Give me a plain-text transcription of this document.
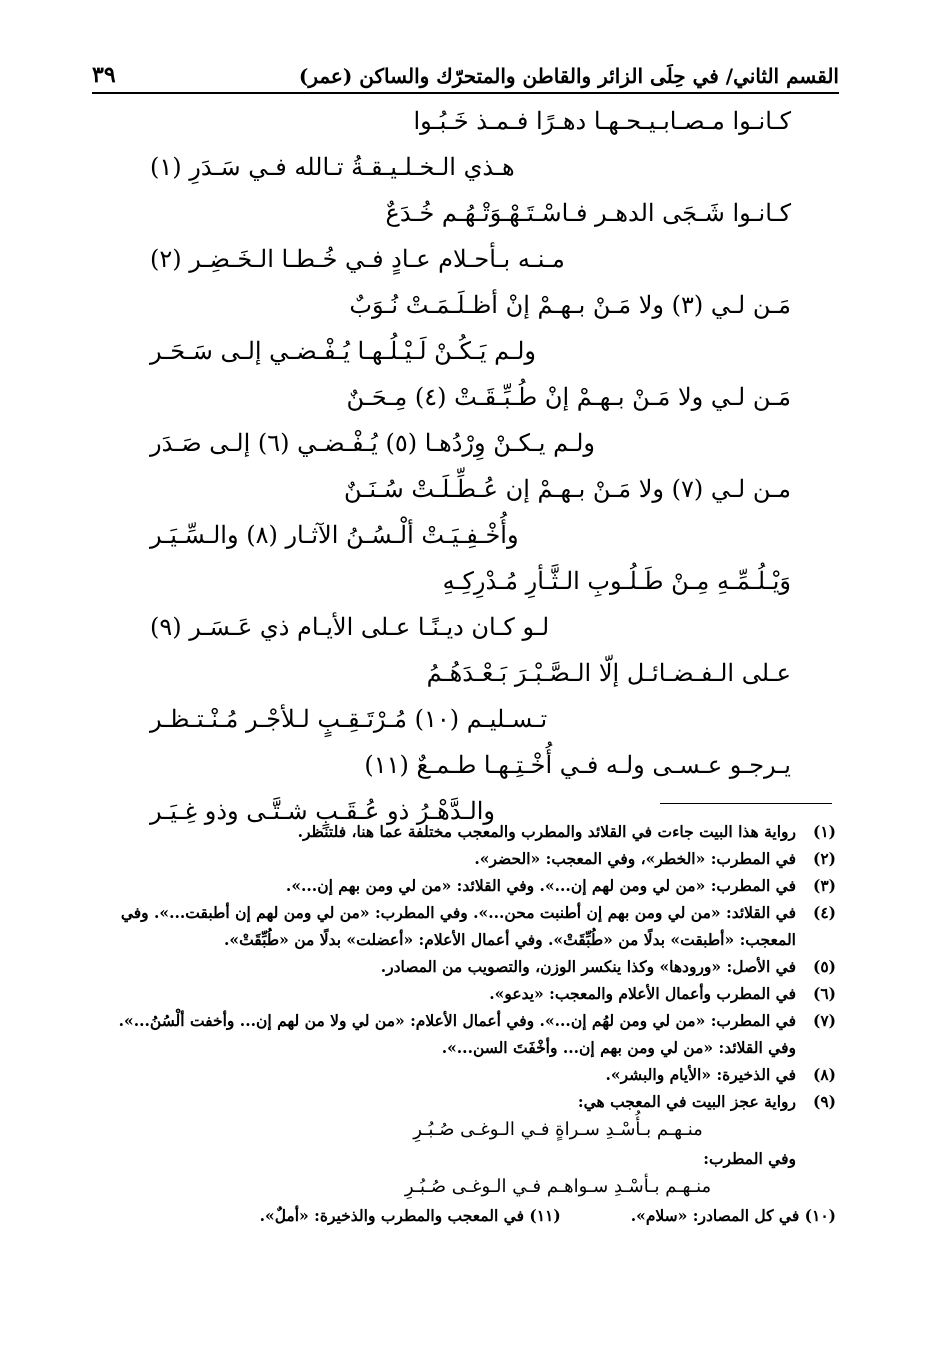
القسم الثاني/ في حِلَى الزائر والقاطن والمتحرّك والساكن (عمر)
٣٩
كـانـوا مـصـابـيـحـهـا دهـرًا فـمـذ خَـبُـوا
هـذي الـخـلـيـقـةُ تـالله فـي سَـدَرِ (١)
كـانـوا شَـجَى الدهـر فـاسْـتَـهْـوَتْـهُـم خُـدَعٌ
مـنـه بـأحـلام عـادٍ فـي خُـطـا الـخَـضِـر (٢)
مَـن لـي (٣) ولا مَـنْ بـهـمْ إنْ أظـلَـمَـتْ نُـوَبٌ
ولـم يَـكُـنْ لَـيْـلُـهـا يُـفْـضـي إلـى سَـحَـر
مَـن لـي ولا مَـنْ بـهـمْ إنْ طُـبِّـقَـتْ (٤) مِـحَـنٌ
ولـم يـكـنْ وِرْدُهـا (٥) يُـفْـضـي (٦) إلـى صَـدَر
مـن لـي (٧) ولا مَـنْ بـهـمْ إن عُـطِّـلَـتْ سُـنَـنٌ
وأُخْـفِـيَـتْ ألْـسُـنُ الآثـار (٨) والـسِّـيَـر
وَيْـلُـمِّـهِ مِـنْ طَـلُـوبِ الـثَّـأرِ مُـدْرِكِـهِ
لـو كـان ديـنًـا عـلى الأيـام ذي عَـسَـر (٩)
عـلى الـفـضـائـل إلّا الـصَّـبْـرَ بَـعْـدَهُـمُ
تـسـليـم (١٠) مُـرْتَـقِـبٍ لـلأجْـر مُـنْـتـظـر
يـرجـو عـسـى ولـه فـي أُخْـتِـهـا طـمـعٌ (١١)
والـدَّهْـرُ ذو عُـقَـبٍ شـتَّـى وذو غِـيَـر
(١)
رواية هذا البيت جاءت في القلائد والمطرب والمعجب مختلفة عما هنا، فلتنظر.
(٢)
في المطرب: «الخطر»، وفي المعجب: «الحضر».
(٣)
في المطرب: «من لي ومن لهم إن...». وفي القلائد: «من لي ومن بهم إن...».
(٤)
في القلائد: «من لي ومن بهم إن أطنبت محن...». وفي المطرب: «من لي ومن لهم إن أطبقت...». وفي المعجب: «أطبقت» بدلًا من «طُبِّقَتْ». وفي أعمال الأعلام: «أعضلت» بدلًا من «طُبِّقَتْ».
(٥)
في الأصل: «ورودها» وكذا ينكسر الوزن، والتصويب من المصادر.
(٦)
في المطرب وأعمال الأعلام والمعجب: «يدعو».
(٧)
في المطرب: «من لي ومن لهُم إن...». وفي أعمال الأعلام: «من لي ولا من لهم إن... وأخفت ألْسُنُ...». وفي القلائد: «من لي ومن بهم إن... وأخْفَتَ السن...».
(٨)
في الذخيرة: «الأيام والبشر».
(٩)
رواية عجز البيت في المعجب هي:
منـهـم بـأُسْـدِ سـراةٍ فـي الـوغـى صُـبُـرِ
وفي المطرب:
منـهـم بـأسْـدِ سـواهـم فـي الـوغـى صُـبُـرِ
(١٠) في كل المصادر: «سلام».
(١١) في المعجب والمطرب والذخيرة: «أملٌ».
